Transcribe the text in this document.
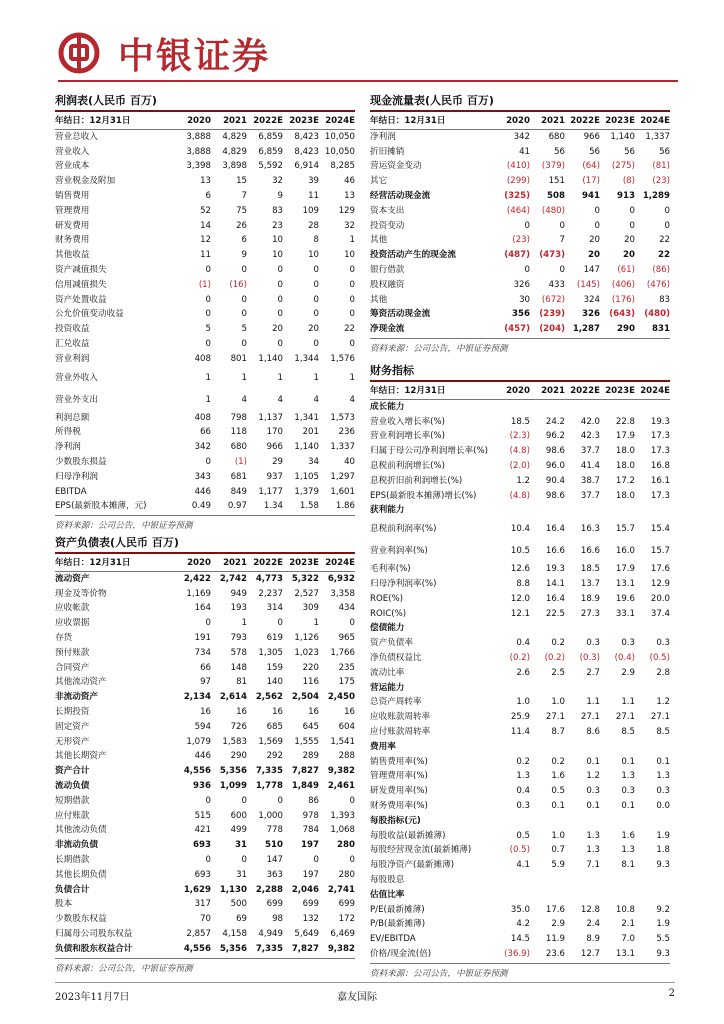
中银证券
利润表(人民币 百万)
年结日：12月31日	2020	2021	2022E	2023E	2024E
营业总收入	3,888	4,829	6,859	8,423	10,050
营业收入	3,888	4,829	6,859	8,423	10,050
营业成本	3,398	3,898	5,592	6,914	8,285
营业税金及附加	13	15	32	39	46
销售费用	6	7	9	11	13
管理费用	52	75	83	109	129
研发费用	14	26	23	28	32
财务费用	12	6	10	8	1
其他收益	11	9	10	10	10
资产减值损失	0	0	0	0	0
信用减值损失	(1)	(16)	0	0	0
资产处置收益	0	0	0	0	0
公允价值变动收益	0	0	0	0	0
投资收益	5	5	20	20	22
汇兑收益	0	0	0	0	0
营业利润	408	801	1,140	1,344	1,576
营业外收入	1	1	1	1	1
营业外支出	1	4	4	4	4
利润总额	408	798	1,137	1,341	1,573
所得税	66	118	170	201	236
净利润	342	680	966	1,140	1,337
少数股东损益	0	(1)	29	34	40
归母净利润	343	681	937	1,105	1,297
EBITDA	446	849	1,177	1,379	1,601
EPS(最新股本摊薄，元)	0.49	0.97	1.34	1.58	1.86
资料来源：公司公告，中银证券预测
资产负债表(人民币 百万)
年结日：12月31日	2020	2021	2022E	2023E	2024E
流动资产	2,422	2,742	4,773	5,322	6,932
现金及等价物	1,169	949	2,237	2,527	3,358
应收帐款	164	193	314	309	434
应收票据	0	1	0	1	0
存货	191	793	619	1,126	965
预付账款	734	578	1,305	1,023	1,766
合同资产	66	148	159	220	235
其他流动资产	97	81	140	116	175
非流动资产	2,134	2,614	2,562	2,504	2,450
长期投资	16	16	16	16	16
固定资产	594	726	685	645	604
无形资产	1,079	1,583	1,569	1,555	1,541
其他长期资产	446	290	292	289	288
资产合计	4,556	5,356	7,335	7,827	9,382
流动负债	936	1,099	1,778	1,849	2,461
短期借款	0	0	0	86	0
应付账款	515	600	1,000	978	1,393
其他流动负债	421	499	778	784	1,068
非流动负债	693	31	510	197	280
长期借款	0	0	147	0	0
其他长期负债	693	31	363	197	280
负债合计	1,629	1,130	2,288	2,046	2,741
股本	317	500	699	699	699
少数股东权益	70	69	98	132	172
归属母公司股东权益	2,857	4,158	4,949	5,649	6,469
负债和股东权益合计	4,556	5,356	7,335	7,827	9,382
资料来源：公司公告，中银证券预测
现金流量表(人民币 百万)
年结日：12月31日	2020	2021	2022E	2023E	2024E
净利润	342	680	966	1,140	1,337
折旧摊销	41	56	56	56	56
营运资金变动	(410)	(379)	(64)	(275)	(81)
其它	(299)	151	(17)	(8)	(23)
经营活动现金流	(325)	508	941	913	1,289
资本支出	(464)	(480)	0	0	0
投资变动	0	0	0	0	0
其他	(23)	7	20	20	22
投资活动产生的现金流	(487)	(473)	20	20	22
银行借款	0	0	147	(61)	(86)
股权融资	326	433	(145)	(406)	(476)
其他	30	(672)	324	(176)	83
筹资活动现金流	356	(239)	326	(643)	(480)
净现金流	(457)	(204)	1,287	290	831
资料来源：公司公告，中银证券预测
财务指标
年结日：12月31日	2020	2021	2022E	2023E	2024E
成长能力					
营业收入增长率(%)	18.5	24.2	42.0	22.8	19.3
营业利润增长率(%)	(2.3)	96.2	42.3	17.9	17.3
归属于母公司净利润增长率(%)	(4.8)	98.6	37.7	18.0	17.3
息税前利润增长(%)	(2.0)	96.0	41.4	18.0	16.8
息税折旧前利润增长(%)	1.2	90.4	38.7	17.2	16.1
EPS(最新股本摊薄)增长(%)	(4.8)	98.6	37.7	18.0	17.3
获利能力					
息税前利润率(%)	10.4	16.4	16.3	15.7	15.4
营业利润率(%)	10.5	16.6	16.6	16.0	15.7
毛利率(%)	12.6	19.3	18.5	17.9	17.6
归母净利润率(%)	8.8	14.1	13.7	13.1	12.9
ROE(%)	12.0	16.4	18.9	19.6	20.0
ROIC(%)	12.1	22.5	27.3	33.1	37.4
偿债能力					
资产负债率	0.4	0.2	0.3	0.3	0.3
净负债权益比	(0.2)	(0.2)	(0.3)	(0.4)	(0.5)
流动比率	2.6	2.5	2.7	2.9	2.8
营运能力					
总资产周转率	1.0	1.0	1.1	1.1	1.2
应收账款周转率	25.9	27.1	27.1	27.1	27.1
应付账款周转率	11.4	8.7	8.6	8.5	8.5
费用率					
销售费用率(%)	0.2	0.2	0.1	0.1	0.1
管理费用率(%)	1.3	1.6	1.2	1.3	1.3
研发费用率(%)	0.4	0.5	0.3	0.3	0.3
财务费用率(%)	0.3	0.1	0.1	0.1	0.0
每股指标(元)					
每股收益(最新摊薄)	0.5	1.0	1.3	1.6	1.9
每股经营现金流(最新摊薄)	(0.5)	0.7	1.3	1.3	1.8
每股净资产(最新摊薄)	4.1	5.9	7.1	8.1	9.3
每股股息					
估值比率					
P/E(最新摊薄)	35.0	17.6	12.8	10.8	9.2
P/B(最新摊薄)	4.2	2.9	2.4	2.1	1.9
EV/EBITDA	14.5	11.9	8.9	7.0	5.5
价格/现金流(倍)	(36.9)	23.6	12.7	13.1	9.3
资料来源：公司公告，中银证券预测
2023年11月7日	嘉友国际	2
